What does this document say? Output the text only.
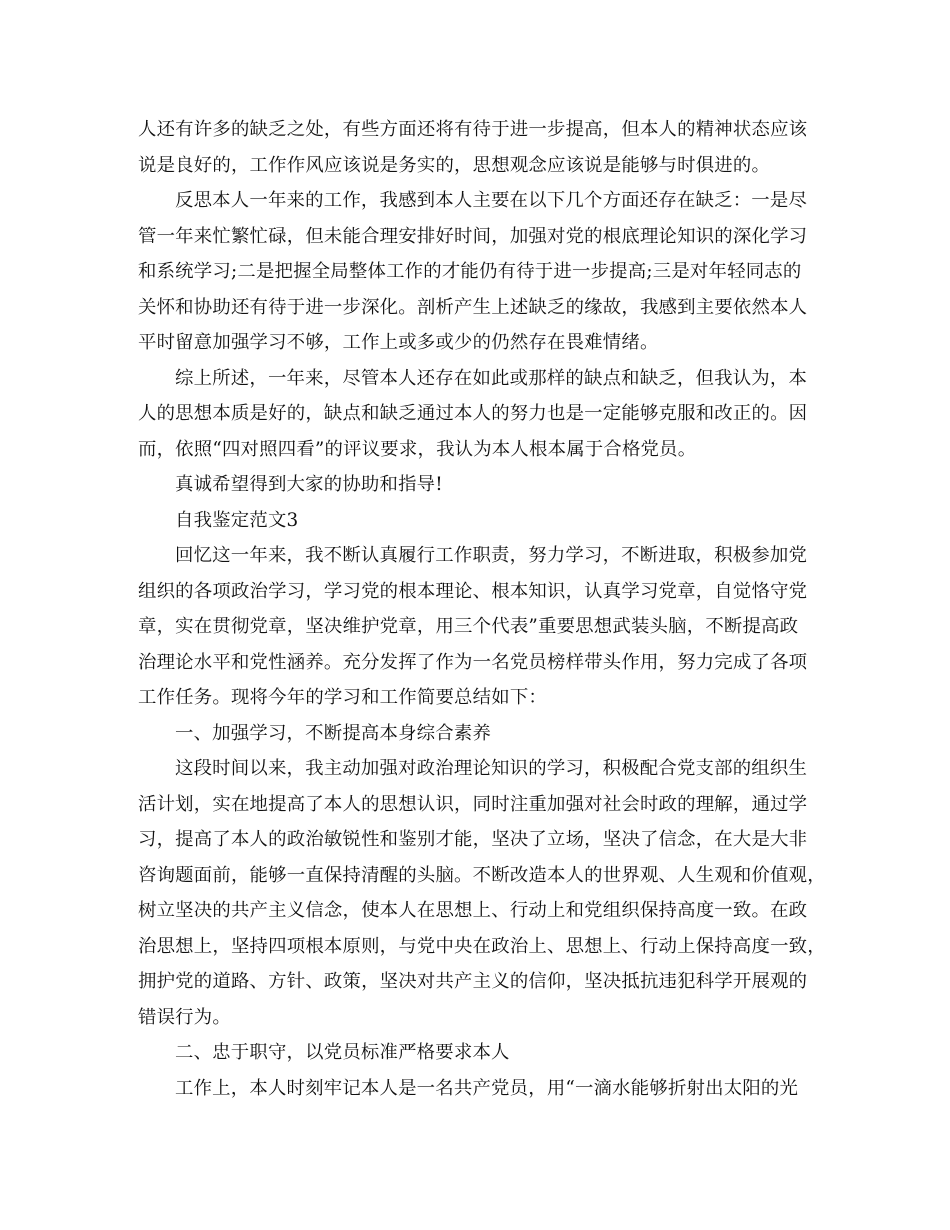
人还有许多的缺乏之处，有些方面还将有待于进一步提高，但本人的精神状态应该
说是良好的，工作作风应该说是务实的，思想观念应该说是能够与时俱进的。
反思本人一年来的工作，我感到本人主要在以下几个方面还存在缺乏：一是尽
管一年来忙繁忙碌，但未能合理安排好时间，加强对党的根底理论知识的深化学习
和系统学习;二是把握全局整体工作的才能仍有待于进一步提高;三是对年轻同志的
关怀和协助还有待于进一步深化。剖析产生上述缺乏的缘故，我感到主要依然本人
平时留意加强学习不够，工作上或多或少的仍然存在畏难情绪。
综上所述，一年来，尽管本人还存在如此或那样的缺点和缺乏，但我认为，本
人的思想本质是好的，缺点和缺乏通过本人的努力也是一定能够克服和改正的。因
而，依照“四对照四看”的评议要求，我认为本人根本属于合格党员。
真诚希望得到大家的协助和指导!
自我鉴定范文3
回忆这一年来，我不断认真履行工作职责，努力学习，不断进取，积极参加党
组织的各项政治学习，学习党的根本理论、根本知识，认真学习党章，自觉恪守党
章，实在贯彻党章，坚决维护党章，用三个代表”重要思想武装头脑，不断提高政
治理论水平和党性涵养。充分发挥了作为一名党员榜样带头作用，努力完成了各项
工作任务。现将今年的学习和工作简要总结如下：
一、加强学习，不断提高本身综合素养
这段时间以来，我主动加强对政治理论知识的学习，积极配合党支部的组织生
活计划，实在地提高了本人的思想认识，同时注重加强对社会时政的理解，通过学
习，提高了本人的政治敏锐性和鉴别才能，坚决了立场，坚决了信念，在大是大非
咨询题面前，能够一直保持清醒的头脑。不断改造本人的世界观、人生观和价值观，
树立坚决的共产主义信念，使本人在思想上、行动上和党组织保持高度一致。在政
治思想上，坚持四项根本原则，与党中央在政治上、思想上、行动上保持高度一致，
拥护党的道路、方针、政策，坚决对共产主义的信仰，坚决抵抗违犯科学开展观的
错误行为。
二、忠于职守，以党员标准严格要求本人
工作上，本人时刻牢记本人是一名共产党员，用“一滴水能够折射出太阳的光
